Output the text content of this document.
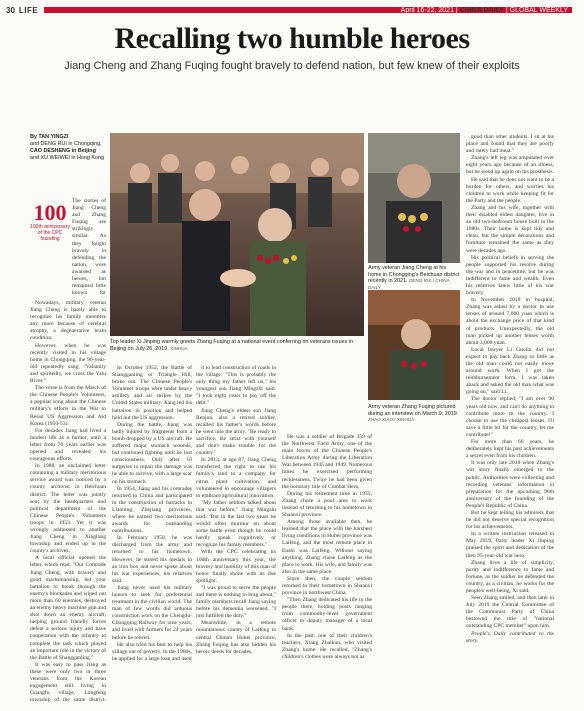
30 LIFE	April 16-22, 2021 | CHINA DAILY | GLOBAL WEEKLY
Recalling two humble heroes
Jiang Cheng and Zhang Fuqing fought bravely to defend nation, but few knew of their exploits
By TAN YINGZI
and DENG RUI in Chongqing,
CAO DESHENG in Beijing
and XU WEIWEI in Hong Kong
100
100th anniversary of the CPC founding
The stories of Jiang Cheng and Zhang Fuqing are strikingly similar. As they fought bravely in defending the nation, were awarded as heroes, but remained little known for

Nowadays, military veteran Jiang Cheng is barely able to recognize his family members any more because of cerebral atrophy, a degenerative brain condition.

However, when he was recently visited in his village home in Chongqing, the 96-year-old repeatedly sang, "Valiantly and spiritedly, we cross the Yalu River."

The verse is from the March of the Chinese People's Volunteers, a popular song about the Chinese military's efforts in the War to Resist US Aggression and Aid Korea (1950-53).

For decades Jiang had lived a modest life as a farmer, until a letter from 70 years earlier was opened and revealed his courageous efforts.

In 1988, an unclaimed letter containing a military meritorious service award was noticed by a county archivist in Beichuan district. The letter was jointly sent by the headquarters and political department of the Chinese People's Volunteers troops in 1953. Yet it was wrongly addressed to another Jiang Cheng in Xinglong township and ended up in the county's archives.

A local official opened the letter, which read, "Our Comrade Jiang Cheng, with bravery and good marksmanship, led your battalion to break through the enemy's blockades and wiped out more than 60 enemies, destroyed an enemy heavy machine gun and shot down an enemy aircraft, helping ground friendly forces defeat a serious injury and have cooperation with the infantry to complete the task which played an important role in the victory of the Battle of Shangganling."

It was easy to pass Jiang as these were only two or three veterans from the Korean engagement still living in Guangfu village, Longfeng township of the same district.

Top leader Xi Jinping warmly greets Zhang Fuqing at a national event conferring on veterans issues in Beijing on July 26, 2019. XINHUA

In October 1952, the Battle of Shangganling or Triangle Hill, broke out. The Chinese People's Volunteer troops were under heavy artillery and air strikes by the United States military. Jiang led his battalion in position and helped hold out the US aggression.

During the battle, Jiang was badly injured by fragments from a bomb dropped by a US aircraft. He suffered major stomach wounds, but continued fighting until he lost consciousness. Only after 10 surgeries to repair the damage was he able to survive, with a large scar on his stomach.

In 1954, Jiang and his comrades returned to China and participated in the construction of barracks in Liaoning, Zhejiang provinces, where he earned two meritorious awards for outstanding contributions.

In February 1958, he was discharged from the army and returned to his hometown. However, he stored his medals in an iron box and never spoke about his war experiences, his relatives said.

Jiang never used his military honors to seek for preferential treatment in the civilian world. The man of few words did arduous construction work on the Chengdu-Chongqing Railway for nine years, and lived with farmers for 24 years before he retired.

He also tried his best to help his village out of poverty. In the 1980s, he applied for a large loan and used

it to lead construction of roads in the village. "This is probably the only thing my father left us," his youngest son Jiang Mingzhi said. "I took eight years to pay off the debt."

Jiang Cheng's eldest son Jiang Renjun, also a retired soldier, recalled his father's words before he went into the army. "Be ready to sacrifice. Be strict with yourself and don't make trouble for the country."

In 2013, at age 87, Jiang Cheng transferred the right to use his family's land to a company for citrus plant cultivation, and volunteered to encourage villagers to embrace agricultural innovation.

"My father seldom talked about that war before," Jiang Mingzhi said. "But in the last two years he would often murmur on about some battle even though he could hardly speak cognitively or recognize his family members."

With the CPC celebrating its 100th anniversary this year, the bravery and humility of this man of honor finally shone with its due spotlight.

"I was proud to serve the people and there is nothing to brag about," family members recall Jiang saying before his dementia worsened. "I just fulfilled the duty."

Meanwhile, in a remote mountainous county of Laifeng in central China's Hubei province, Zhang Fuqing has also hidden his heroic deeds for decades.

Army veteran Jiang Cheng at his home in Chongqing's Beichuan district recently in 2021. DENG RUI / CHINA DAILY
Army veteran Zhang Fuqing pictured during an interview on March 9, 2019. ZHAO XIAO / XINHUA

He was a soldier of Brigade 359 of the Northwest Field Army, one of the main forces of the Chinese People's Liberation Army during the Liberation War between 1945 and 1949. Numerous times he exercised performing recklessness, Twice he had been given the honorary title of Combat Hero.

During his retirement time in 1955, Zhang chose a poor area to work instead of returning to his hometown in Shaanxi province.

Among those available then, he learned that the place with the harshest living conditions in Hubei province was Laifeng, and the most remote place in Enshi was Laifeng. Without saying anything, Zhang chose Laifeng as the place to work. His wife, and family was also in the same place.

Since then, the couple seldom returned to their hometown in Shaanxi province in northwest China.

"Then Zhang dedicated his life to the people there, holding posts ranging from commodity-level government officer to deputy manager of a local bank.

In the past, one of their children's teachers, Xiang Zhaikun, who visited Zhang's home. He recalled, "Zhang's children's clothes were always not as

good than other students. I sit at his place and found that they are poorly and rarely had meat."

Zhang's left leg was amputated over eight years ago because of an illness, but he stood up again on his prosthesis.

He said that he does not want to be a burden for others, and worries his children to work while keeping fit for the Party and the people.

Zhang and his wife, together with their disabled eldest daughter, live in an old two-bedroom house built in the 1980s. Their home is kept tidy and clean, but the simple decorations and furniture remained the same as they were decades ago.

His political beliefs in serving the people supported his resolve during the war and in peacetime, but he was indifferent to fame and wealth. Even his relatives knew little of his war bravery.

In November 2018 in hospital, Zhang was asked by a doctor to use lenses of around 7,000 yuan which is about the exchange price of that kind of products. Unexpectedly, the old man picked up another lenses worth about 3,000 yuan.

Local lawyer Li Guolin did not expect to pay back Zhang so little as the old man could not easily move around work. When I got the reimbursement form, I was taken aback and asked the old man what was going on," said Li.

The doctor replied, "I am over 90 years old now, and can't do anything to contribute more to the country. I choose to use the cheapest lenses. I'll save a little bit for the country, let me contribute!"

For more than 60 years, he deliberately kept his past achievements a secret even from his children.

It was only late 2018 when Zhang's war story finally emerged to the public. Authorities were collecting and recording veterans' information in preparation for the upcoming 90th anniversary of the founding of the People's Republic of China.

But he kept telling his admirers that he did not deserve special recognition for his achievements.

In a written instruction released in May 2019, Party leader Xi Jinping praised the spirit and dedication of the then 95-year-old war hero.

Zhang lives a life of simplicity, purity and indifference to fame and fortune, as the soldier he defended the country, as a civilian, he works for the people's well-being, Xi said.

Seen Zhang smiled, and then later in July 2019 the Central Committee of the Communist Party of China bestowed the title of "national outstanding CPC member" upon him.

People's Daily contributed to the story.
